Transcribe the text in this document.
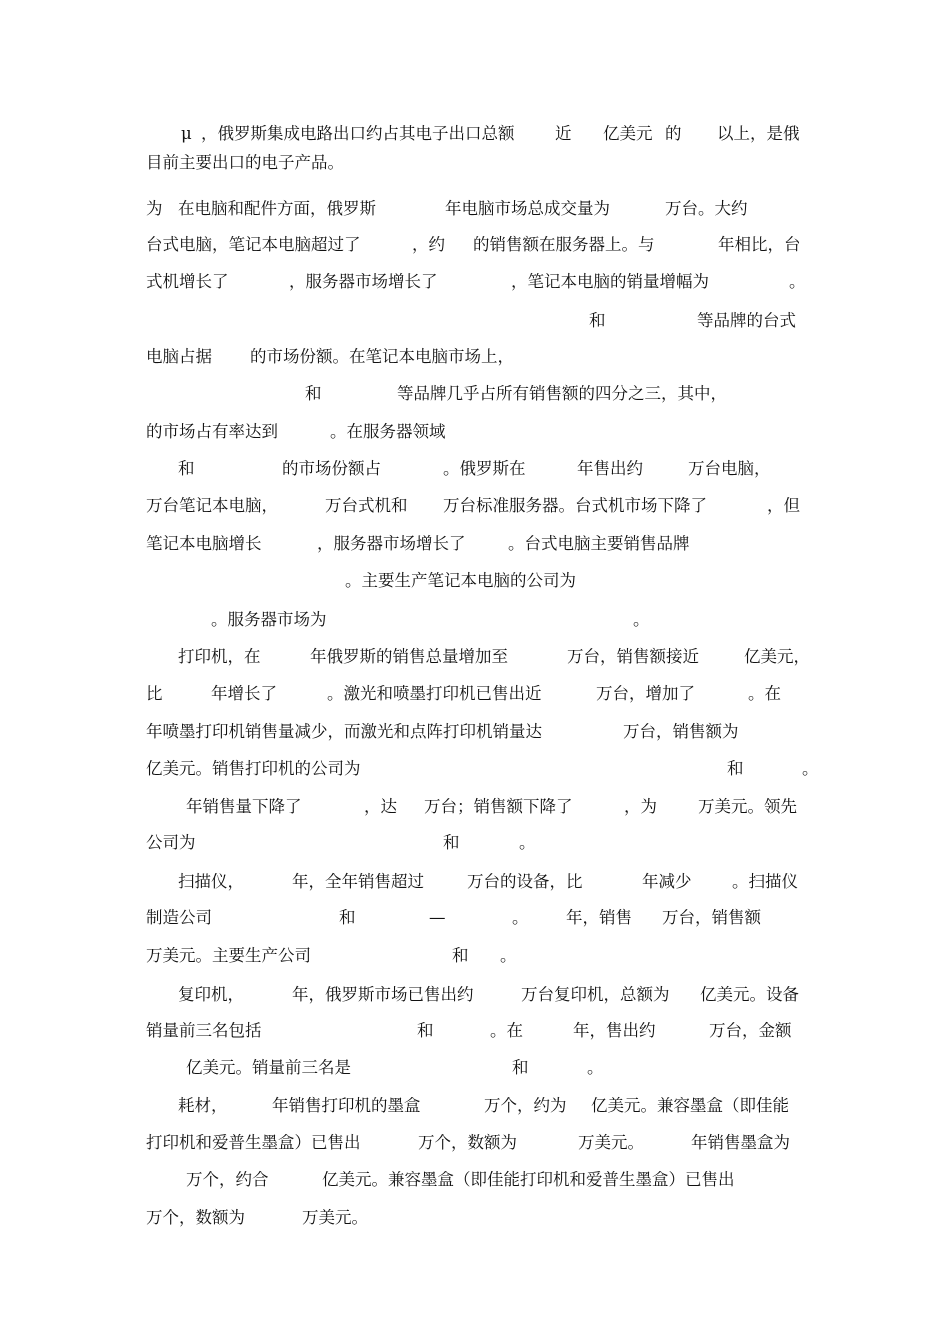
μ ，俄罗斯集成电路出口约占其电子出口总额 近 亿美元 的 以上，是俄
目前主要出口的电子产品。
在电脑和配件方面，俄罗斯	年电脑市场总成交量为	万台。大约
为
台式电脑，笔记本电脑超过了	，约 的销售额在服务器上。与	年相比，台
式机增长了	，服务器市场增长了	，笔记本电脑的销量增幅为	。
和	等品牌的台式
电脑占据 的市场份额。在笔记本电脑市场上，
和	等品牌几乎占所有销售额的四分之三，其中，
的市场占有率达到	。在服务器领域
和	的市场份额占	。俄罗斯在	年售出约	万台电脑，
万台笔记本电脑，	万台式机和 万台标准服务器。台式机市场下降了	，但
笔记本电脑增长	，服务器市场增长了	。台式电脑主要销售品牌
。主要生产笔记本电脑的公司为
。服务器市场为	。
打印机，在	年俄罗斯的销售总量增加至	万台，销售额接近	亿美元，
比	年增长了	。激光和喷墨打印机已售出近	万台，增加了	。在
年喷墨打印机销售量减少，而激光和点阵打印机销量达	万台，销售额为
亿美元。销售打印机的公司为	和	。
年销售量下降了	，达 万台；销售额下降了	，为 万美元。领先
公司为	和	。
扫描仪，	年，全年销售超过	万台的设备，比	年减少 。扫描仪
制造公司	和	—	。 年，销售 万台，销售额
万美元。主要生产公司	和 。
复印机，	年，俄罗斯市场已售出约	万台复印机，总额为 亿美元。设备
销量前三名包括	和	。在	年，售出约	万台，金额
亿美元。销量前三名是	和	。
耗材，	年销售打印机的墨盒	万个，约为 亿美元。兼容墨盒（即佳能
打印机和爱普生墨盒）已售出	万个，数额为	万美元。	年销售墨盒为
万个，约合	亿美元。兼容墨盒（即佳能打印机和爱普生墨盒）已售出
万个，数额为	万美元。
